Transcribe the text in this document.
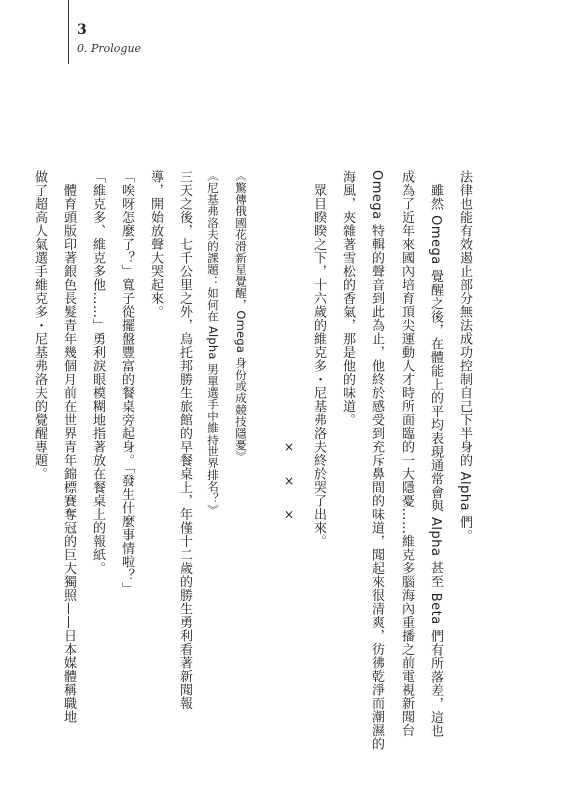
3
0. Prologue
法律也能有效遏止部分無法成功控制自己下半身的 Alpha 們。
　雖然 Omega 覺醒之後，在體能上的平均表現通常會與 Alpha 甚至 Beta 們有所落差，這也
成為了近年來國內培育頂尖運動人才時所面臨的一大隱憂……維克多腦海內重播之前電視新聞台
Omega 特輯的聲音到此為止，他終於感受到充斥鼻間的味道，聞起來很清爽，彷彿乾淨而潮濕的
海風，夾雜著雪松的香氣，那是他的味道。
　眾目睽睽之下，十六歲的維克多・尼基弗洛夫終於哭了出來。
× × ×
《驚傳俄國花滑新星覺醒，Omega 身份或成競技隱憂》
《尼基弗洛夫的課題：如何在 Alpha 男單選手中維持世界排名？》
三天之後，七千公里之外，烏托邦勝生旅館的早餐桌上，年僅十二歲的勝生勇利看著新聞報
導，開始放聲大哭起來。
「唉呀怎麼了？」寬子從擺盤豐富的餐桌旁起身。「發生什麼事情啦？」
「維克多、維克多他……」勇利淚眼模糊地指著放在餐桌上的報紙。
　體育頭版印著銀色長髮青年幾個月前在世界青年錦標賽奪冠的巨大獨照——日本媒體稱職地
做了超高人氣選手維克多・尼基弗洛夫的覺醒專題。
